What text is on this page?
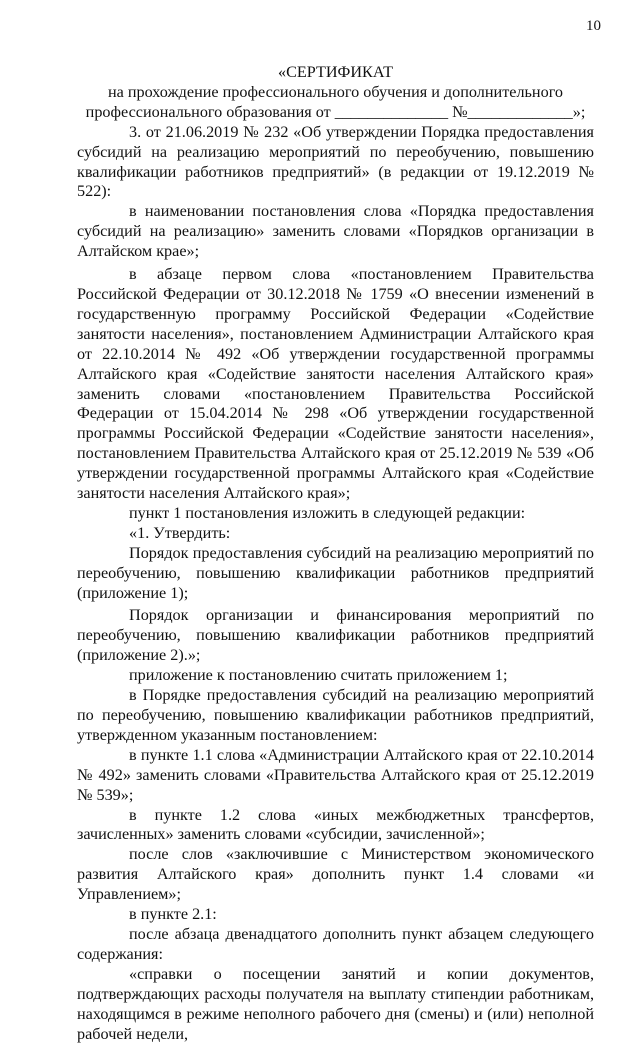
10

«СЕРТИФИКАТ

на прохождение профессионального обучения и дополнительного

профессионального образования от ______________ №_____________»;

3. от 21.06.2019 № 232 «Об утверждении Порядка предоставления субсидий на реализацию мероприятий по переобучению, повышению квалификации работников предприятий» (в редакции от 19.12.2019 № 522):

в наименовании постановления слова «Порядка предоставления субсидий на реализацию» заменить словами «Порядков организации в Алтайском крае»;

в абзаце первом слова «постановлением Правительства Российской Федерации от 30.12.2018 № 1759 «О внесении изменений в государственную программу Российской Федерации «Содействие занятости населения», постановлением Администрации Алтайского края от 22.10.2014 № 492 «Об утверждении государственной программы Алтайского края «Содействие занятости населения Алтайского края» заменить словами «постановлением Правительства Российской Федерации от 15.04.2014 № 298 «Об утверждении государственной программы Российской Федерации «Содействие занятости населения», постановлением Правительства Алтайского края от 25.12.2019 № 539 «Об утверждении государственной программы Алтайского края «Содействие занятости населения Алтайского края»;

пункт 1 постановления изложить в следующей редакции:

«1. Утвердить:

Порядок предоставления субсидий на реализацию мероприятий по переобучению, повышению квалификации работников предприятий (приложение 1);

Порядок организации и финансирования мероприятий по переобучению, повышению квалификации работников предприятий (приложение 2).»;

приложение к постановлению считать приложением 1;

в Порядке предоставления субсидий на реализацию мероприятий по переобучению, повышению квалификации работников предприятий, утвержденном указанным постановлением:

в пункте 1.1 слова «Администрации Алтайского края от 22.10.2014 № 492» заменить словами «Правительства Алтайского края от 25.12.2019 № 539»;

в пункте 1.2 слова «иных межбюджетных трансфертов, зачисленных» заменить словами «субсидии, зачисленной»;

после слов «заключившие с Министерством экономического развития Алтайского края» дополнить пункт 1.4 словами «и Управлением»;

в пункте 2.1:

после абзаца двенадцатого дополнить пункт абзацем следующего содержания:

«справки о посещении занятий и копии документов, подтверждающих расходы получателя на выплату стипендии работникам, находящимся в режиме неполного рабочего дня (смены) и (или) неполной рабочей недели,
